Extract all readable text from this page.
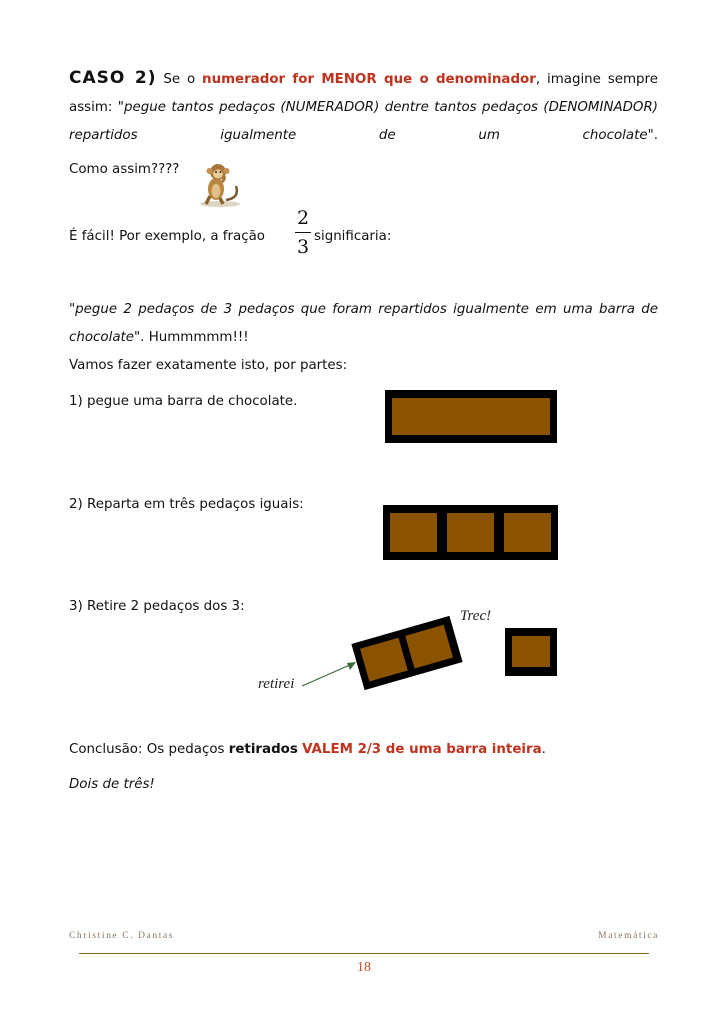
CASO 2) Se o numerador for MENOR que o denominador, imagine sempre assim: "pegue tantos pedaços (NUMERADOR) dentre tantos pedaços (DENOMINADOR) repartidos igualmente de um chocolate".

Como assim????

É fácil! Por exemplo, a fração

2
3 significaria:

"pegue 2 pedaços de 3 pedaços que foram repartidos igualmente em uma barra de chocolate". Hummmmm!!!

Vamos fazer exatamente isto, por partes:

1) pegue uma barra de chocolate.

2) Reparta em três pedaços iguais:

3) Retire 2 pedaços dos 3:

Trec!
retirei

Conclusão: Os pedaços retirados VALEM 2/3 de uma barra inteira.

Dois de três!

Christine C. Dantas	Matemática
18
